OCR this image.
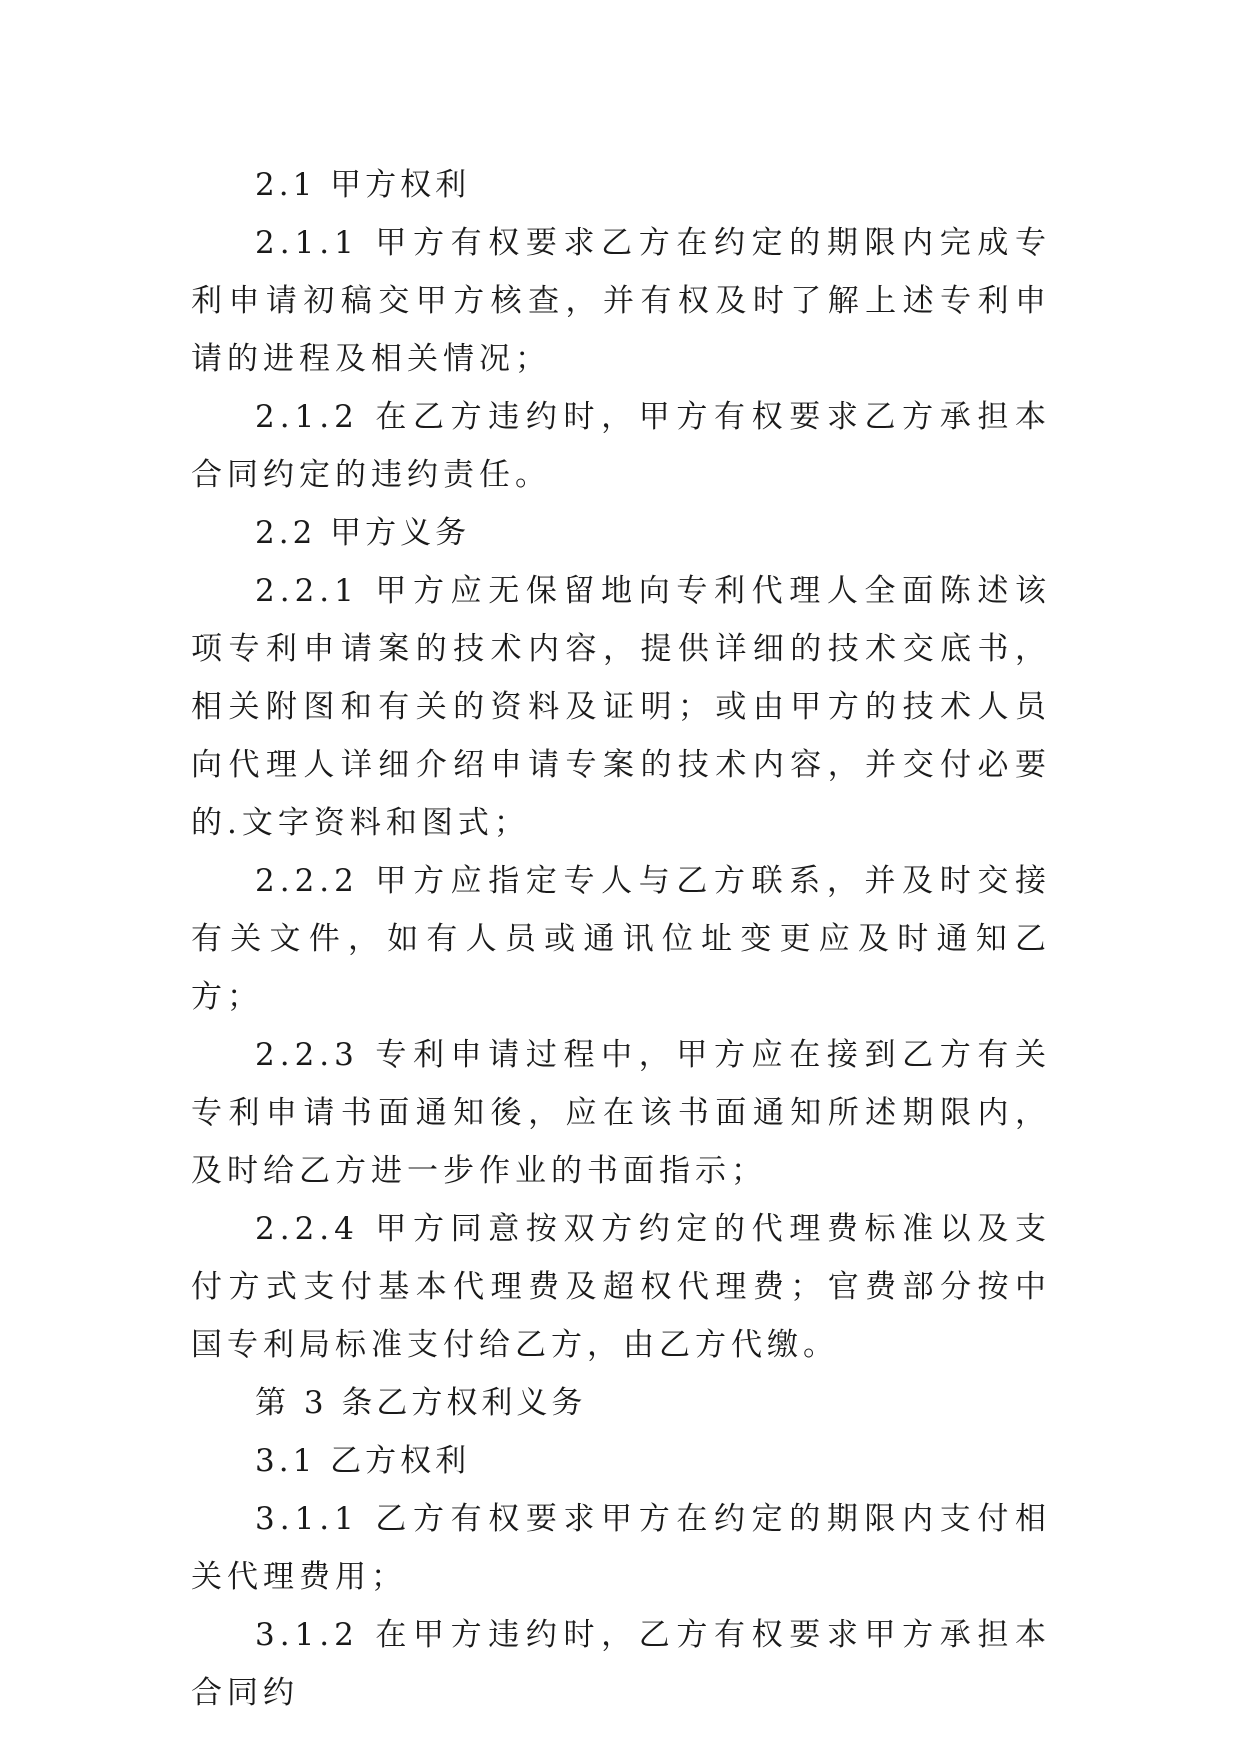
2.1 甲方权利

2.1.1 甲方有权要求乙方在约定的期限内完成专利申请初稿交甲方核查，并有权及时了解上述专利申请的进程及相关情况；

2.1.2 在乙方违约时，甲方有权要求乙方承担本合同约定的违约责任。

2.2 甲方义务

2.2.1 甲方应无保留地向专利代理人全面陈述该项专利申请案的技术内容，提供详细的技术交底书，相关附图和有关的资料及证明；或由甲方的技术人员向代理人详细介绍申请专案的技术内容，并交付必要的.文字资料和图式；

2.2.2 甲方应指定专人与乙方联系，并及时交接有关文件，如有人员或通讯位址变更应及时通知乙方；

2.2.3 专利申请过程中，甲方应在接到乙方有关专利申请书面通知後，应在该书面通知所述期限内，及时给乙方进一步作业的书面指示；

2.2.4 甲方同意按双方约定的代理费标准以及支付方式支付基本代理费及超权代理费；官费部分按中国专利局标准支付给乙方，由乙方代缴。

第 3 条乙方权利义务

3.1 乙方权利

3.1.1 乙方有权要求甲方在约定的期限内支付相关代理费用；

3.1.2 在甲方违约时，乙方有权要求甲方承担本合同约
